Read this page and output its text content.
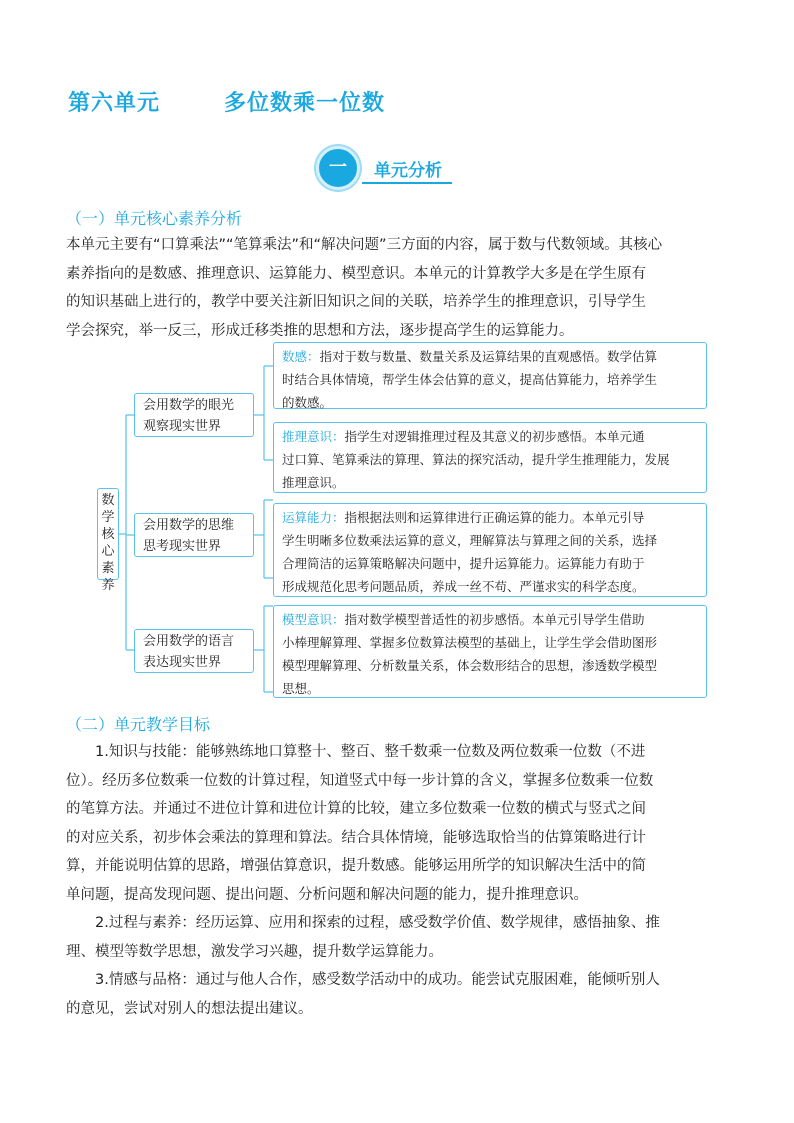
第六单元	多位数乘一位数
一	单元分析
（一）单元核心素养分析
本单元主要有“口算乘法”“笔算乘法”和“解决问题”三方面的内容，属于数与代数领域。其核心
素养指向的是数感、推理意识、运算能力、模型意识。本单元的计算教学大多是在学生原有
的知识基础上进行的，教学中要关注新旧知识之间的关联，培养学生的推理意识，引导学生
学会探究，举一反三，形成迁移类推的思想和方法，逐步提高学生的运算能力。
数
学
核
心
素
养
会用数学的眼光
观察现实世界
会用数学的思维
思考现实世界
会用数学的语言
表达现实世界
数感：指对于数与数量、数量关系及运算结果的直观感悟。数学估算
时结合具体情境，帮学生体会估算的意义，提高估算能力，培养学生
的数感。
推理意识：指学生对逻辑推理过程及其意义的初步感悟。本单元通
过口算、笔算乘法的算理、算法的探究活动，提升学生推理能力，发展
推理意识。
运算能力：指根据法则和运算律进行正确运算的能力。本单元引导
学生明晰多位数乘法运算的意义，理解算法与算理之间的关系，选择
合理简洁的运算策略解决问题中，提升运算能力。运算能力有助于
形成规范化思考问题品质，养成一丝不苟、严谨求实的科学态度。
模型意识：指对数学模型普适性的初步感悟。本单元引导学生借助
小棒理解算理、掌握多位数算法模型的基础上，让学生学会借助图形
模型理解算理、分析数量关系，体会数形结合的思想，渗透数学模型
思想。
（二）单元教学目标
1.知识与技能：能够熟练地口算整十、整百、整千数乘一位数及两位数乘一位数（不进
位）。经历多位数乘一位数的计算过程，知道竖式中每一步计算的含义，掌握多位数乘一位数
的笔算方法。并通过不进位计算和进位计算的比较，建立多位数乘一位数的横式与竖式之间
的对应关系，初步体会乘法的算理和算法。结合具体情境，能够选取恰当的估算策略进行计
算，并能说明估算的思路，增强估算意识，提升数感。能够运用所学的知识解决生活中的简
单问题，提高发现问题、提出问题、分析问题和解决问题的能力，提升推理意识。
2.过程与素养：经历运算、应用和探索的过程，感受数学价值、数学规律，感悟抽象、推
理、模型等数学思想，激发学习兴趣，提升数学运算能力。
3.情感与品格：通过与他人合作，感受数学活动中的成功。能尝试克服困难，能倾听别人
的意见，尝试对别人的想法提出建议。
